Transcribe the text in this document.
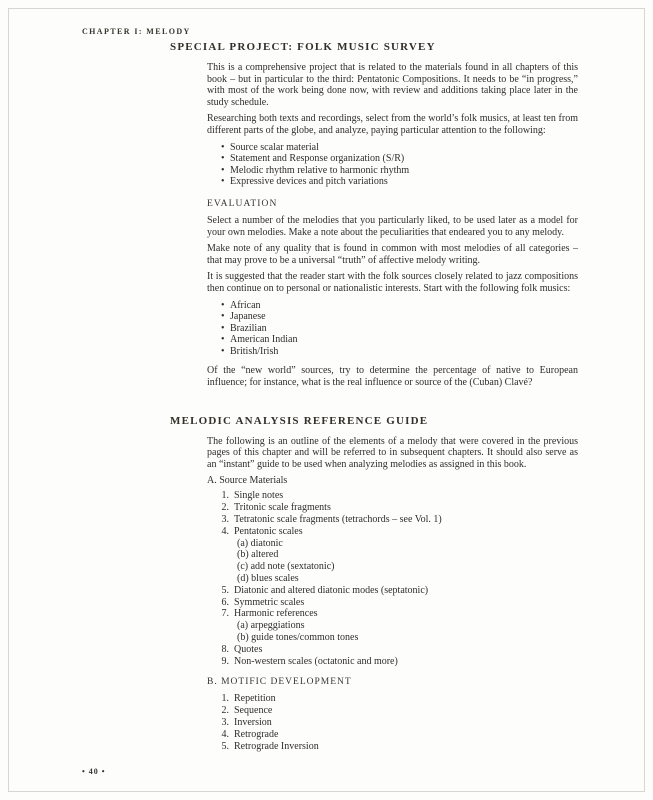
CHAPTER I: MELODY
SPECIAL PROJECT: FOLK MUSIC SURVEY

This is a comprehensive project that is related to the materials found in all chapters of this book – but in particular to the third: Pentatonic Compositions. It needs to be “in progress,” with most of the work being done now, with review and additions taking place later in the study schedule.

Researching both texts and recordings, select from the world’s folk musics, at least ten from different parts of the globe, and analyze, paying particular attention to the following:

• Source scalar material
• Statement and Response organization (S/R)
• Melodic rhythm relative to harmonic rhythm
• Expressive devices and pitch variations
EVALUATION

Select a number of the melodies that you particularly liked, to be used later as a model for your own melodies. Make a note about the peculiarities that endeared you to any melody.

Make note of any quality that is found in common with most melodies of all categories – that may prove to be a universal “truth” of affective melody writing.

It is suggested that the reader start with the folk sources closely related to jazz compositions then continue on to personal or nationalistic interests. Start with the following folk musics:

• African
• Japanese
• Brazilian
• American Indian
• British/Irish

Of the “new world” sources, try to determine the percentage of native to European influence; for instance, what is the real influence or source of the (Cuban) Clavé?

MELODIC ANALYSIS REFERENCE GUIDE

The following is an outline of the elements of a melody that were covered in the previous pages of this chapter and will be referred to in subsequent chapters. It should also serve as an “instant” guide to be used when analyzing melodies as assigned in this book.

A. Source Materials
1. Single notes
2. Tritonic scale fragments
3. Tetratonic scale fragments (tetrachords – see Vol. 1)
4. Pentatonic scales
(a) diatonic
(b) altered
(c) add note (sextatonic)
(d) blues scales
5. Diatonic and altered diatonic modes (septatonic)
6. Symmetric scales
7. Harmonic references
(a) arpeggiations
(b) guide tones/common tones
8. Quotes
9. Non-western scales (octatonic and more)
B. MOTIFIC DEVELOPMENT
1. Repetition
2. Sequence
3. Inversion
4. Retrograde
5. Retrograde Inversion
• 40 •
